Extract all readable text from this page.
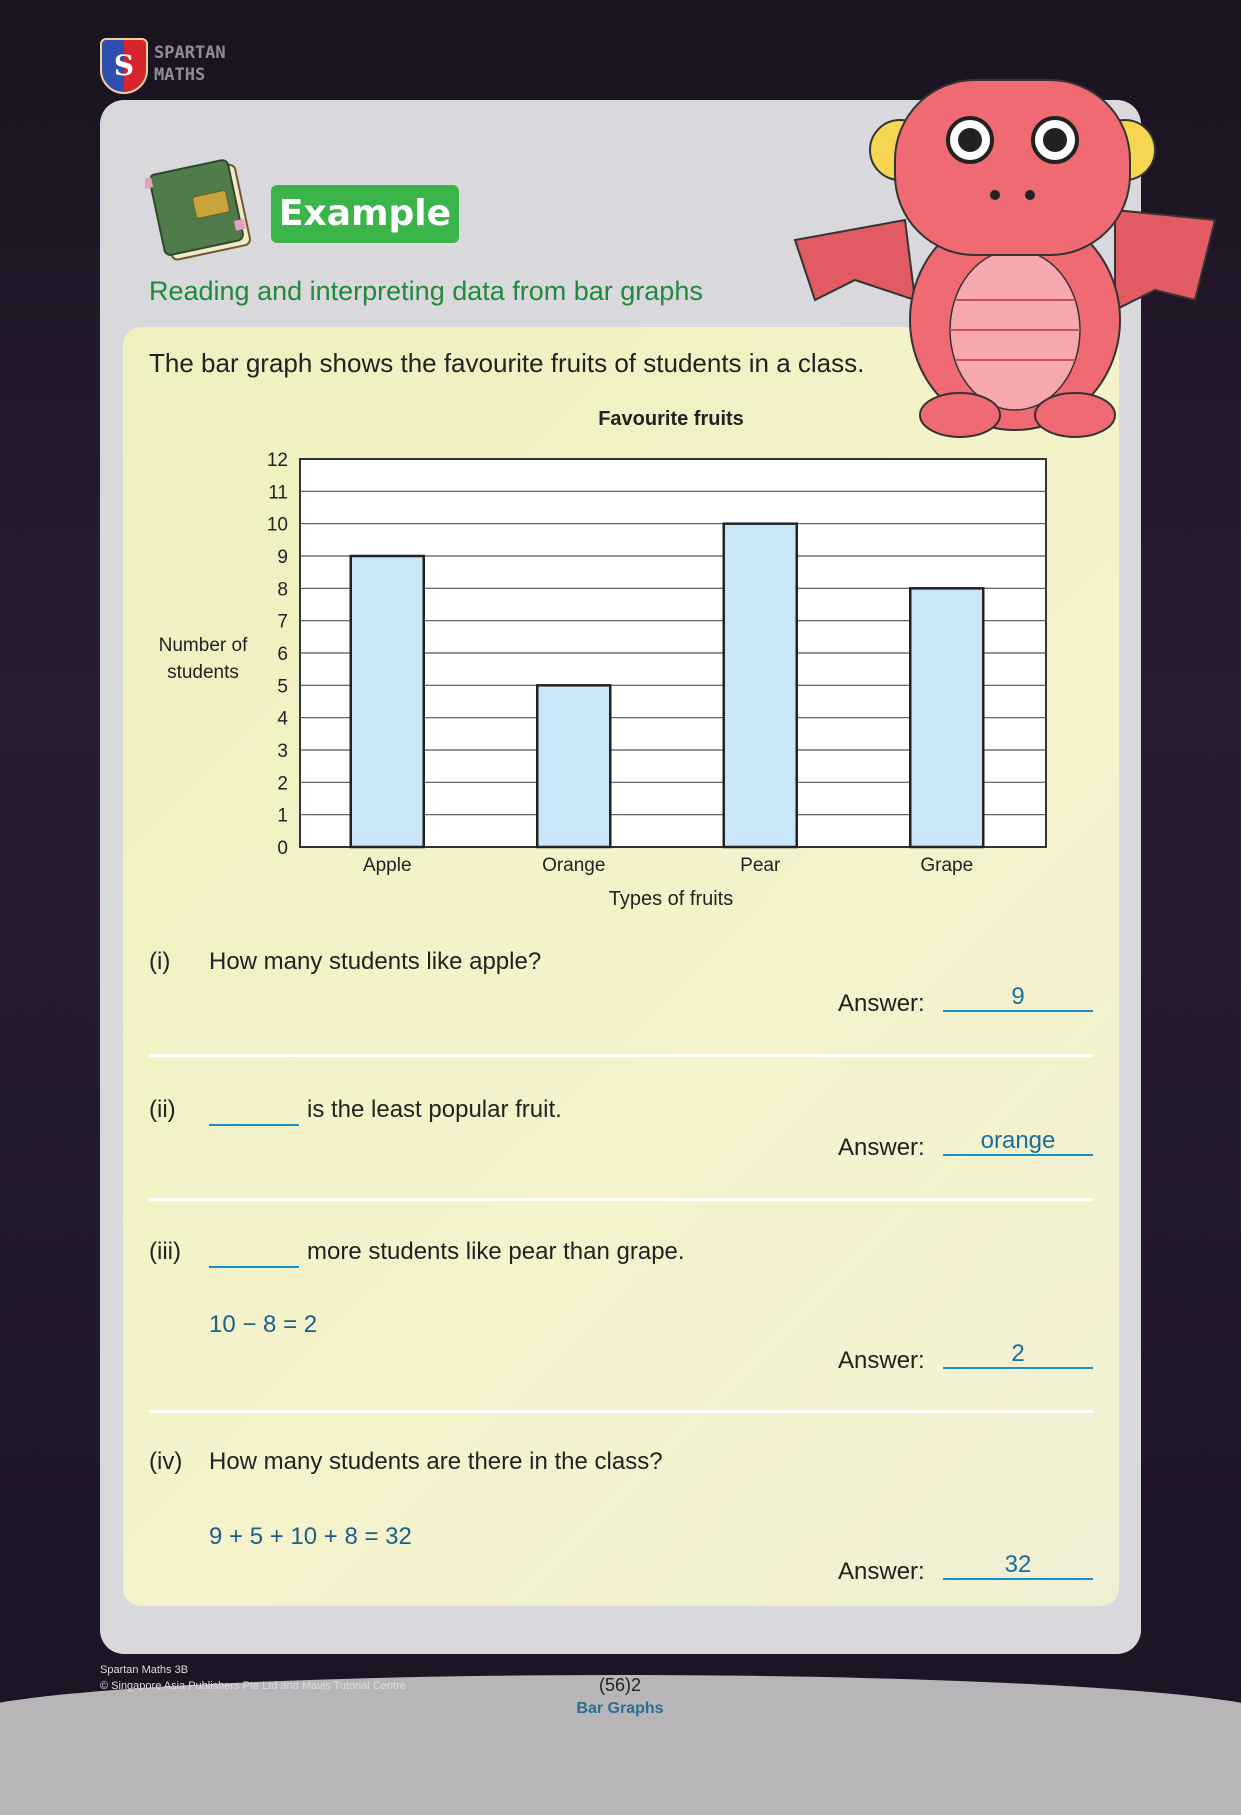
S	SPARTAN
MATHS
Example
Reading and interpreting data from bar graphs
The bar graph shows the favourite fruits of students in a class.
Favourite fruits
0
1
2
3
4
5
6
7
8
9
10
11
12
Apple	Orange	Pear	Grape
Number of
students
Types of fruits
(i) How many students like apple?
Answer:	9
(ii)	is the least popular fruit.
Answer:	orange
(iii)	more students like pear than grape.
10 − 8 = 2
Answer:	2
(iv) How many students are there in the class?
9 + 5 + 10 + 8 = 32
Answer:	32
Spartan Maths 3B
© Singapore Asia Publishers Pte Ltd and Mavis Tutorial Centre	(56)2
Bar Graphs
